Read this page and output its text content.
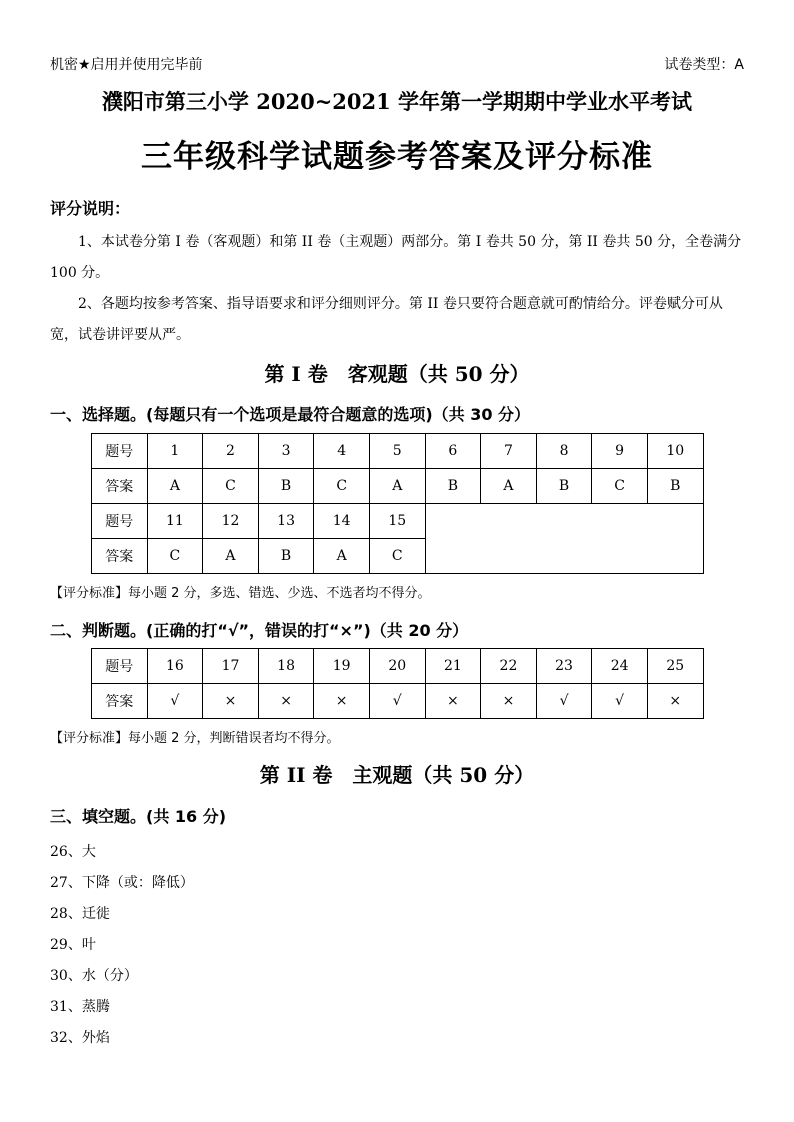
机密★启用并使用完毕前	试卷类型：A
濮阳市第三小学 2020~2021 学年第一学期期中学业水平考试
三年级科学试题参考答案及评分标准
评分说明：
1、本试卷分第 I 卷（客观题）和第 II 卷（主观题）两部分。第 I 卷共 50 分，第 II 卷共 50 分，全卷满分 100 分。
2、各题均按参考答案、指导语要求和评分细则评分。第 II 卷只要符合题意就可酌情给分。评卷赋分可从宽，试卷讲评要从严。
第 I 卷　客观题（共 50 分）
一、选择题。(每题只有一个选项是最符合题意的选项)（共 30 分）
题号	1	2	3	4	5	6	7	8	9	10
答案	A	C	B	C	A	B	A	B	C	B
题号	11	12	13	14	15					
答案	C	A	B	A	C					
【评分标准】每小题 2 分，多选、错选、少选、不选者均不得分。
二、判断题。(正确的打“√”，错误的打“×”)（共 20 分）
题号	16	17	18	19	20	21	22	23	24	25
答案	√	×	×	×	√	×	×	√	√	×
【评分标准】每小题 2 分，判断错误者均不得分。
第 II 卷　主观题（共 50 分）
三、填空题。(共 16 分)
26、大
27、下降（或：降低）
28、迁徙
29、叶
30、水（分）
31、蒸腾
32、外焰
